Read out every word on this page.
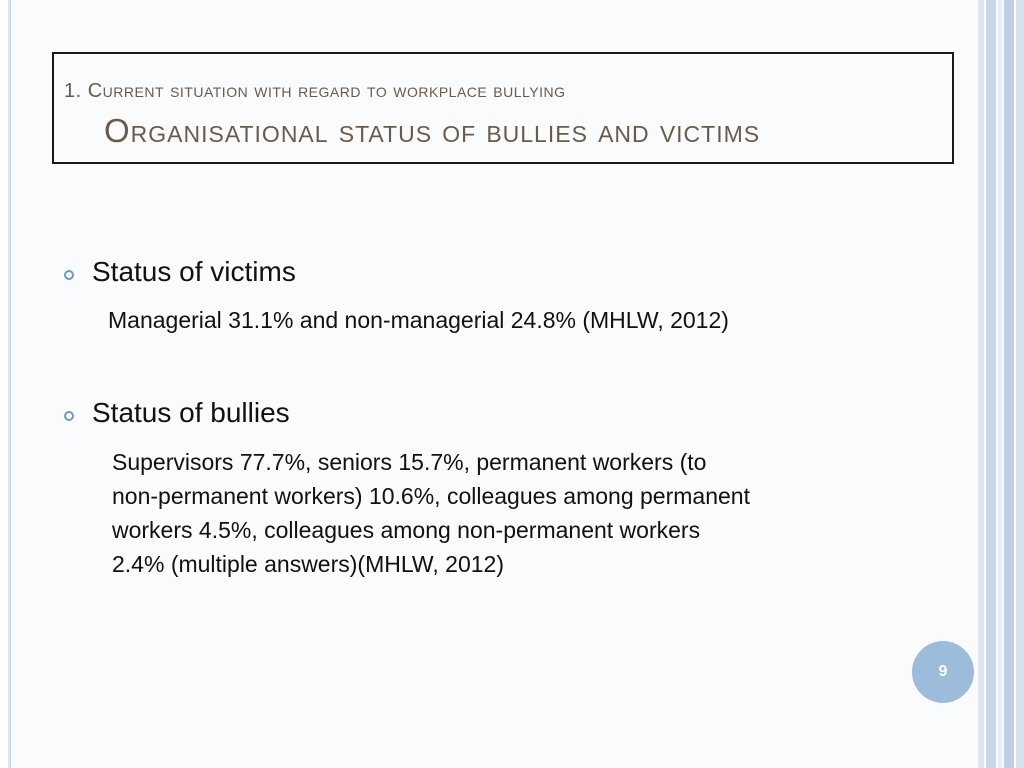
1. Current situation with regard to workplace bullying
Organisational status of bullies and victims
Status of victims
Managerial 31.1% and non-managerial 24.8% (MHLW, 2012)
Status of bullies
Supervisors 77.7%, seniors 15.7%, permanent workers (to
non-permanent workers) 10.6%, colleagues among permanent
workers 4.5%, colleagues among non-permanent workers
2.4% (multiple answers)(MHLW, 2012)
9
